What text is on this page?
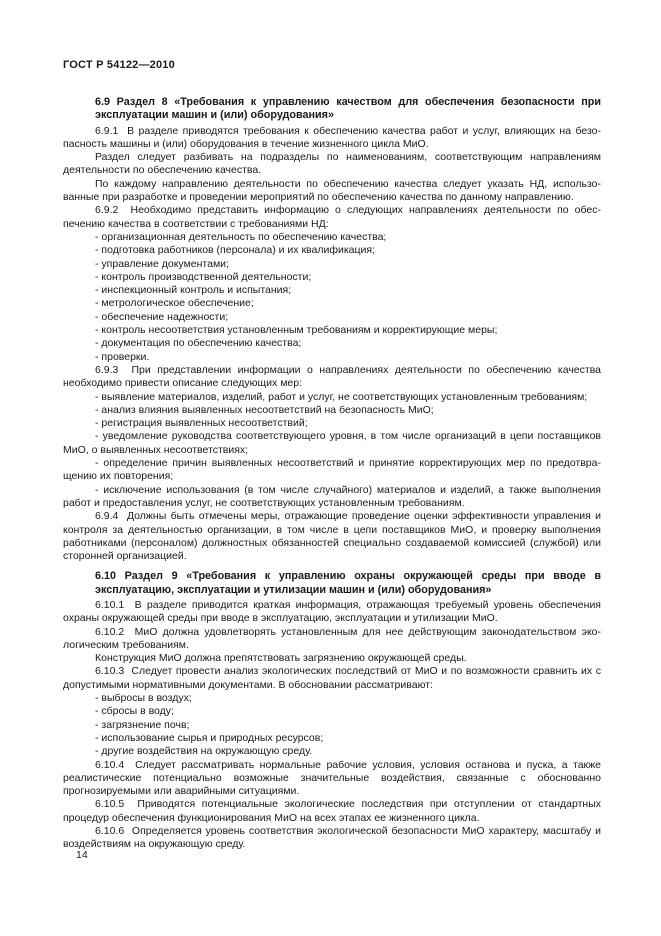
ГОСТ Р 54122—2010

6.9 Раздел 8 «Требования к управлению качеством для обеспечения безопасности при эксплуатации машин и (или) оборудования»

6.9.1  В разделе приводятся требования к обеспечению качества работ и услуг, влияющих на безопасность машины и (или) оборудования в течение жизненного цикла МиО.

Раздел следует разбивать на подразделы по наименованиям, соответствующим направлениям деятельности по обеспечению качества.

По каждому направлению деятельности по обеспечению качества следует указать НД, использованные при разработке и проведении мероприятий по обеспечению качества по данному направлению.

6.9.2  Необходимо представить информацию о следующих направлениях деятельности по обеспечению качества в соответствии с требованиями НД:

- организационная деятельность по обеспечению качества;

- подготовка работников (персонала) и их квалификация;

- управление документами;

- контроль производственной деятельности;

- инспекционный контроль и испытания;

- метрологическое обеспечение;

- обеспечение надежности;

- контроль несоответствия установленным требованиям и корректирующие меры;

- документация по обеспечению качества;

- проверки.

6.9.3  При представлении информации о направлениях деятельности по обеспечению качества необходимо привести описание следующих мер:

- выявление материалов, изделий, работ и услуг, не соответствующих установленным требованиям;

- анализ влияния выявленных несоответствий на безопасность МиО;

- регистрация выявленных несоответствий;

- уведомление руководства соответствующего уровня, в том числе организаций в цепи поставщиков МиО, о выявленных несоответствиях;

- определение причин выявленных несоответствий и принятие корректирующих мер по предотвращению их повторения;

- исключение использования (в том числе случайного) материалов и изделий, а также выполнения работ и предоставления услуг, не соответствующих установленным требованиям.

6.9.4  Должны быть отмечены меры, отражающие проведение оценки эффективности управления и контроля за деятельностью организации, в том числе в цепи поставщиков МиО, и проверку выполнения работниками (персоналом) должностных обязанностей специально создаваемой комиссией (службой) или сторонней организацией.

6.10 Раздел 9 «Требования к управлению охраны окружающей среды при вводе в эксплуатацию, эксплуатации и утилизации машин и (или) оборудования»

6.10.1  В разделе приводится краткая информация, отражающая требуемый уровень обеспечения охраны окружающей среды при вводе в эксплуатацию, эксплуатации и утилизации МиО.

6.10.2  МиО должна удовлетворять установленным для нее действующим законодательством экологическим требованиям.

Конструкция МиО должна препятствовать загрязнению окружающей среды.

6.10.3  Следует провести анализ экологических последствий от МиО и по возможности сравнить их с допустимыми нормативными документами. В обосновании рассматривают:

- выбросы в воздух;

- сбросы в воду;

- загрязнение почв;

- использование сырья и природных ресурсов;

- другие воздействия на окружающую среду.

6.10.4  Следует рассматривать нормальные рабочие условия, условия останова и пуска, а также реалистические потенциально возможные значительные воздействия, связанные с обоснованно прогнозируемыми или аварийными ситуациями.

6.10.5  Приводятся потенциальные экологические последствия при отступлении от стандартных процедур обеспечения функционирования МиО на всех этапах ее жизненного цикла.

6.10.6  Определяется уровень соответствия экологической безопасности МиО характеру, масштабу и воздействиям на окружающую среду.

14
